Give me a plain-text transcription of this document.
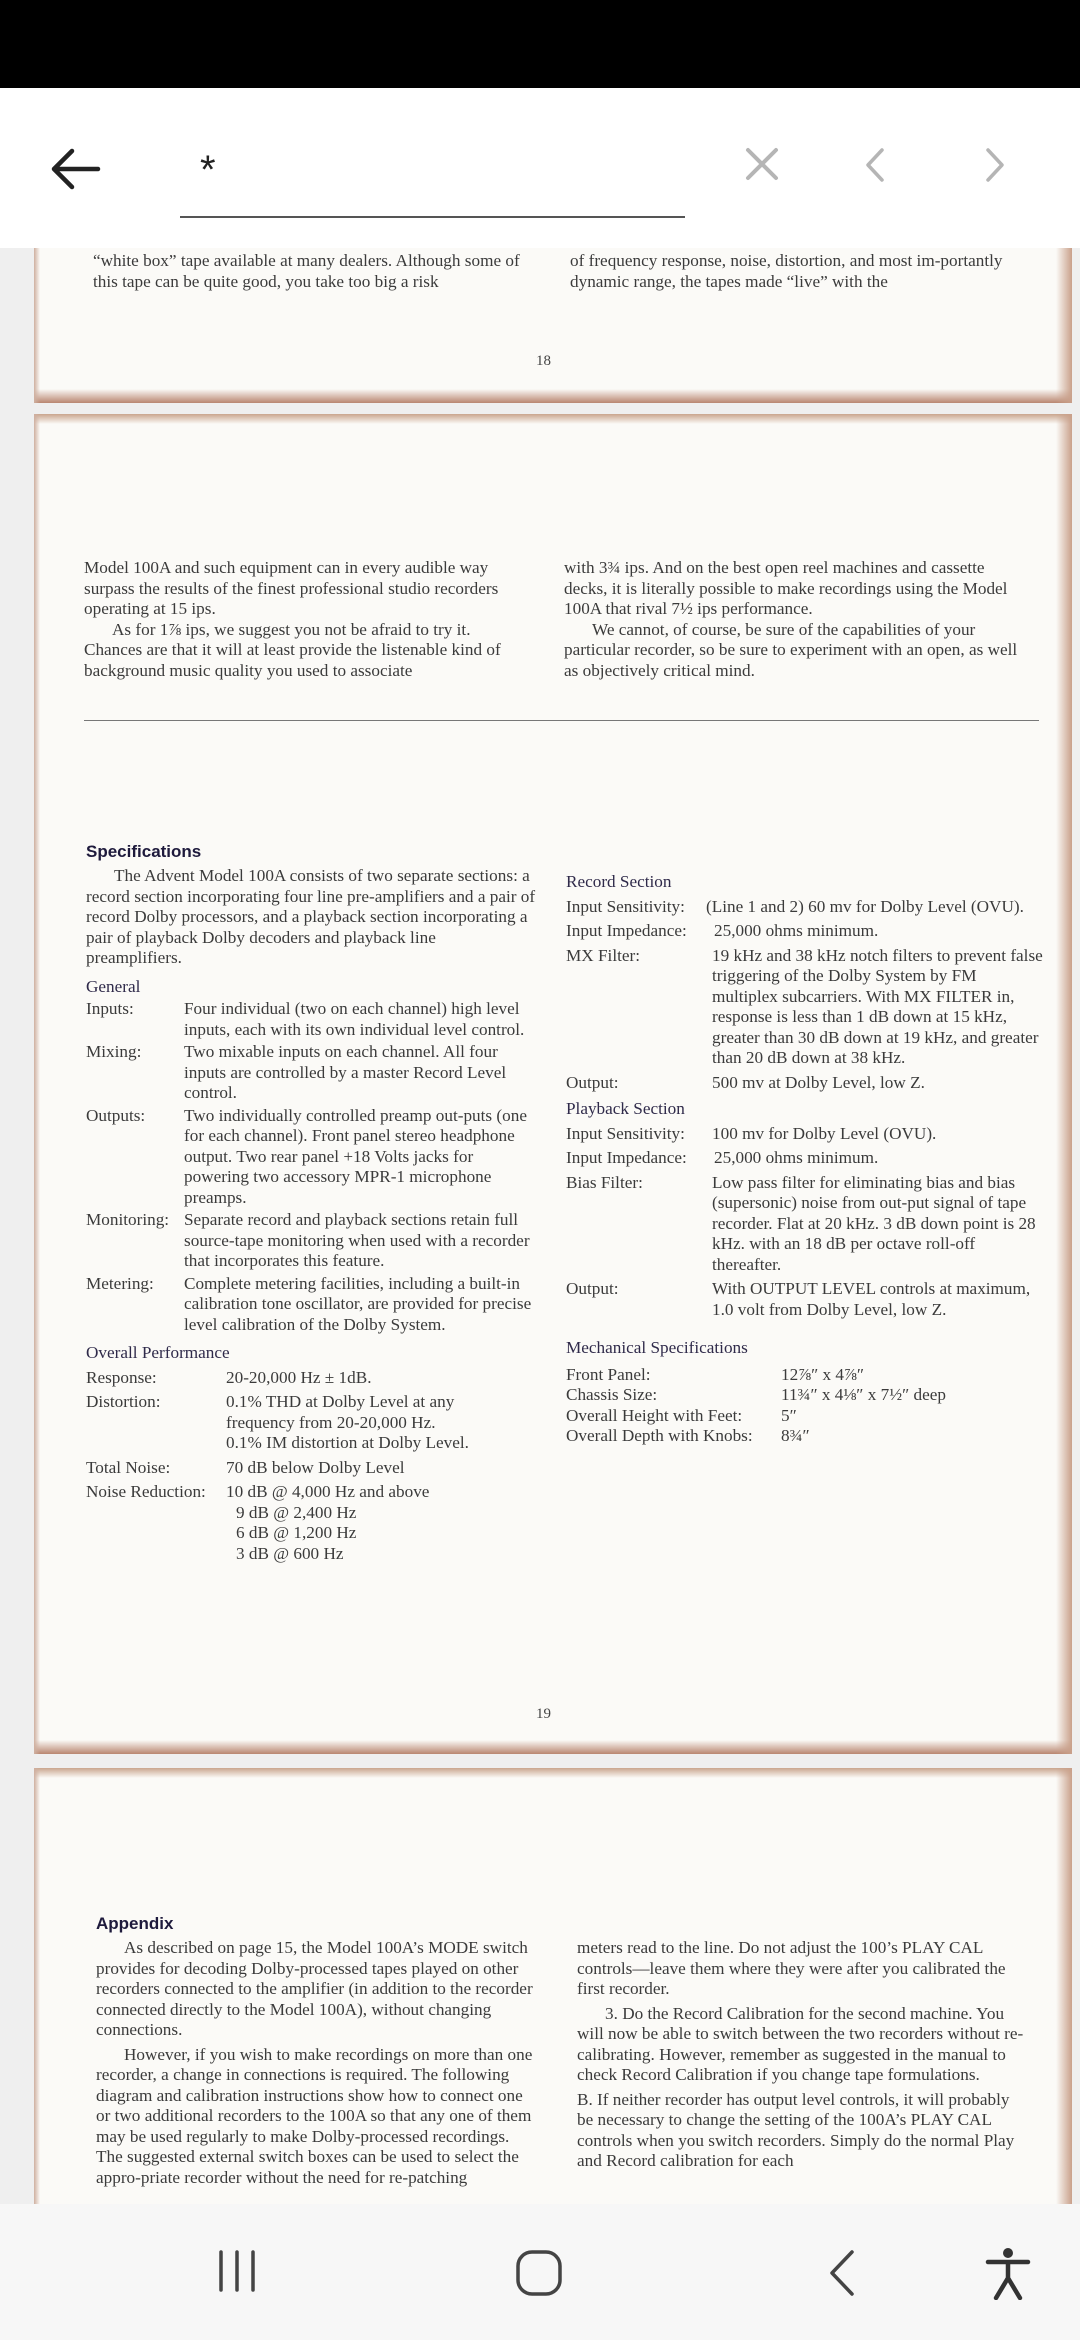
*
“white box” tape available at many dealers. Although some of this tape can be quite good, you take too big a risk
of frequency response, noise, distortion, and most im-portantly dynamic range, the tapes made “live” with the
18

Model 100A and such equipment can in every audible way surpass the results of the finest professional studio recorders operating at 15 ips.

As for 1⅞ ips, we suggest you not be afraid to try it. Chances are that it will at least provide the listenable kind of background music quality you used to associate

with 3¾ ips. And on the best open reel machines and cassette decks, it is literally possible to make recordings using the Model 100A that rival 7½ ips performance.

We cannot, of course, be sure of the capabilities of your particular recorder, so be sure to experiment with an open, as well as objectively critical mind.

Specifications

The Advent Model 100A consists of two separate sections: a record section incorporating four line pre-amplifiers and a pair of record Dolby processors, and a playback section incorporating a pair of playback Dolby decoders and playback line preamplifiers.

General

Inputs:	Four individual (two on each channel) high level inputs, each with its own individual level control.
Mixing: Two mixable inputs on each channel. All four inputs are controlled by a master Record Level control.
Outputs: Two individually controlled preamp out-puts (one for each channel). Front panel stereo headphone output. Two rear panel +18 Volts jacks for powering two accessory MPR-1 microphone preamps.
Monitoring: Separate record and playback sections retain full source-tape monitoring when used with a recorder that incorporates this feature.
Metering: Complete metering facilities, including a built-in calibration tone oscillator, are provided for precise level calibration of the Dolby System.

Overall Performance

Response:	20-20,000 Hz ± 1dB.
Distortion:	0.1% THD at Dolby Level at any
frequency from 20-20,000 Hz.
0.1% IM distortion at Dolby Level.
Total Noise:	70 dB below Dolby Level
Noise Reduction: 10 dB @ 4,000 Hz and above
9 dB @ 2,400 Hz
6 dB @ 1,200 Hz
3 dB @ 600 Hz

Record Section

Input Sensitivity: (Line 1 and 2) 60 mv for Dolby Level (OVU).
Input Impedance: 25,000 ohms minimum.
MX Filter:	19 kHz and 38 kHz notch filters to prevent false triggering of the Dolby System by FM multiplex subcarriers. With MX FILTER in, response is less than 1 dB down at 15 kHz, greater than 30 dB down at 19 kHz, and greater than 20 dB down at 38 kHz.
Output:	500 mv at Dolby Level, low Z.

Playback Section

Input Sensitivity: 100 mv for Dolby Level (OVU).
Input Impedance: 25,000 ohms minimum.
Bias Filter:	Low pass filter for eliminating bias and bias (supersonic) noise from out-put signal of tape recorder. Flat at 20 kHz. 3 dB down point is 28 kHz. with an 18 dB per octave roll-off thereafter.
Output:	With OUTPUT LEVEL controls at maximum, 1.0 volt from Dolby Level, low Z.

Mechanical Specifications

Front Panel:	12⅞″ x 4⅞″
Chassis Size:	11¾″ x 4⅛″ x 7½″ deep
Overall Height with Feet: 5″
Overall Depth with Knobs: 8¾″
19
Appendix

As described on page 15, the Model 100A’s MODE switch provides for decoding Dolby-processed tapes played on other recorders connected to the amplifier (in addition to the recorder connected directly to the Model 100A), without changing connections.

However, if you wish to make recordings on more than one recorder, a change in connections is required. The following diagram and calibration instructions show how to connect one or two additional recorders to the 100A so that any one of them may be used regularly to make Dolby-processed recordings. The suggested external switch boxes can be used to select the appro-priate recorder without the need for re-patching

meters read to the line. Do not adjust the 100’s PLAY CAL controls—leave them where they were after you calibrated the first recorder.

3. Do the Record Calibration for the second machine. You will now be able to switch between the two recorders without re-calibrating. However, remember as suggested in the manual to check Record Calibration if you change tape formulations.

B. If neither recorder has output level controls, it will probably be necessary to change the setting of the 100A’s PLAY CAL controls when you switch recorders. Simply do the normal Play and Record calibration for each
